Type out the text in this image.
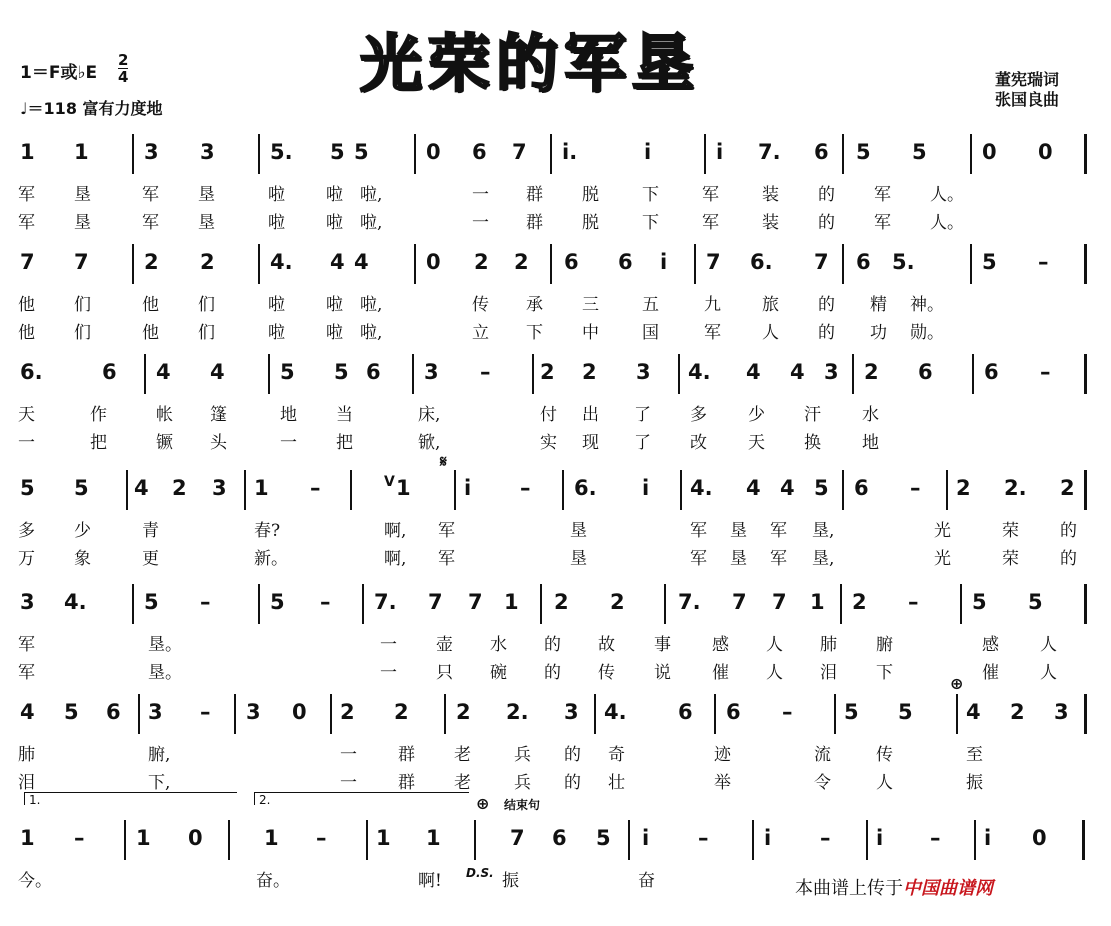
光荣的军垦
1＝F或♭E $\frac{2}{4}$
♩＝118 富有力度地
董宪瑞词
张国良曲
1 1	3 3	5. 5 5	0 6 7 i.	i	i 7. 6 5 5	0 0
军 垦	军 垦	啦 啦 啦,	一 群 脱	下	军	装 的 军 人。
军 垦	军 垦	啦 啦 啦,	一 群 脱	下	军	装 的 军 人。
7 7	2 2	4. 4 4	0 2 2 6 6 i 7 6. 7 6 5.	5 –
他 们	他 们	啦 啦 啦,	传 承 三	五	九 旅 的 精 神。
他 们	他 们	啦 啦 啦,	立 下 中	国	军 人 的 功 勋。
6.	6 4 4	5 5 6 3 – 2 2 3 4. 4 4 3 2 6 6 –
天	作	帐 篷	地 当	床,	付 出 了 多 少 汗 水
一	把	镢 头	一 把	锨,	实 现 了 改 天 换 地
5 5 4 2 3 1 –	1	i – 6. i 4. 4 4 5 6 – 2 2. 2
多 少	青	春?	啊, 军	垦	军 垦 军 垦,	光	荣 的
万 象	更	新。	啊, 军	垦	军 垦 军 垦,	光	荣 的
3 4.	5 –	5 – 7. 7 7 1 2 2	7. 7 7 1 2 –	5 5
军	垦。	一 壶 水 的 故 事 感 人 肺 腑	感 人
军	垦。	一 只 碗 的 传 说 催 人 泪 下	催 人
4 5 6 3 – 3 0 2 2 2 2. 3 4. 6 6 – 5 5	4 2 3
肺	腑,	一 群 老	兵 的 奇	迹	流	传	至
泪	下,	一 群 老	兵 的 壮	举	令	人	振
1 – 1 0	1 – 1 1	7 6 5 i –	i – i – i 0
今。	奋。	啊!	振	奋
𝄋
V
⊕
⊕ 结束句
1.	2.
D.S.
本曲谱上传于中国曲谱网
